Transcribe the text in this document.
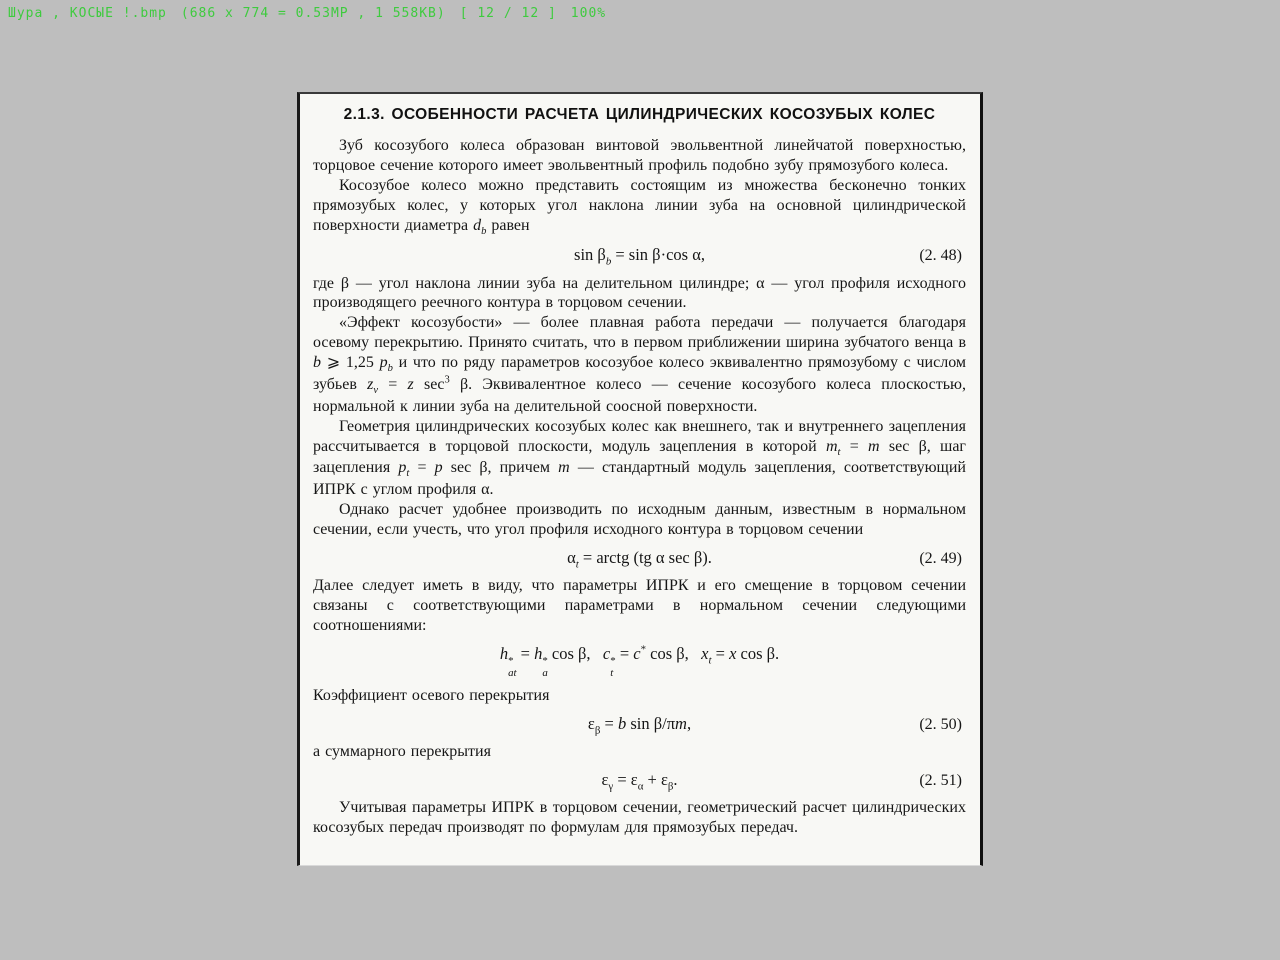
Шура , КОСЫЕ !.bmp (686 x 774 = 0.53MP , 1 558KB) [ 12 / 12 ] 100%
2.1.3. ОСОБЕННОСТИ РАСЧЕТА ЦИЛИНДРИЧЕСКИХ КОСОЗУБЫХ КОЛЕС

Зуб косозубого колеса образован винтовой эвольвентной линейчатой поверхностью, торцовое сечение которого имеет эвольвентный профиль подобно зубу прямозубого колеса.

Косозубое колесо можно представить состоящим из множества бесконечно тонких прямозубых колес, у которых угол наклона линии зуба на основной цилиндрической поверхности диаметра $d_b$ равен

$\sin \beta_b = \sin \beta\cdot\cos$ α,	(2. 48)

где β — угол наклона линии зуба на делительном цилиндре; α — угол профиля исходного производящего реечного контура в торцовом сечении.

«Эффект косозубости» — более плавная работа передачи — получается благодаря осевому перекрытию. Принято считать, что в первом приближении ширина зубчатого венца в b ⩾ 1,25 $p_b$ и что по ряду параметров косозубое колесо эквивалентно прямозубому с числом зубьев $z_v = z$ $\sec^3 \beta$. Эквивалентное колесо — сечение косозубого колеса плоскостью, нормальной к линии зуба на делительной соосной поверхности.

Геометрия цилиндрических косозубых колес как внешнего, так и внутреннего зацепления рассчитывается в торцовой плоскости, модуль зацепления в которой $m_t = m$ sec β, шаг зацепления $p_t = p$ sec β, причем m — стандартный модуль зацепления, соответствующий ИПРК с углом профиля α.

Однако расчет удобнее производить по исходным данным, известным в нормальном сечении, если учесть, что угол профиля исходного контура в торцовом сечении

$\alpha_t$ = arctg (tg α sec β).	(2. 49)

Далее следует иметь в виду, что параметры ИПРК и его смещение в торцовом сечении связаны с соответствующими параметрами в нормальном сечении следующими соотношениями:

h *
at
= h *
a
cos β,  c *
t
= c* cos β,  $x_t = x$ cos β.

Коэффициент осевого перекрытия

$\varepsilon_\beta = b$ sin β/πm,	(2. 50)

а суммарного перекрытия

$\varepsilon_\gamma = \varepsilon_\alpha + \varepsilon_\beta$.	(2. 51)

Учитывая параметры ИПРК в торцовом сечении, геометрический расчет цилиндрических косозубых передач производят по формулам для прямозубых передач.
